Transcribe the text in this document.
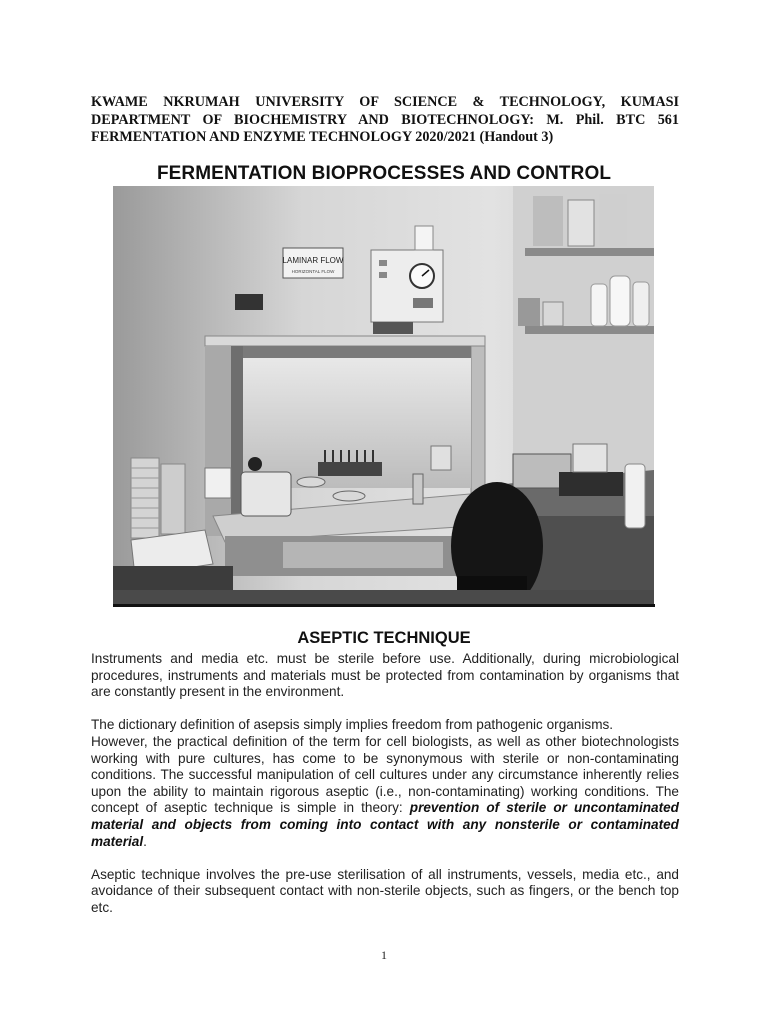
KWAME NKRUMAH UNIVERSITY OF SCIENCE & TECHNOLOGY, KUMASI
DEPARTMENT OF BIOCHEMISTRY AND BIOTECHNOLOGY: M. Phil. BTC 561
FERMENTATION AND ENZYME TECHNOLOGY 2020/2021 (Handout 3)
FERMENTATION BIOPROCESSES AND CONTROL
LAMINAR FLOW
HORIZONTAL FLOW
ASEPTIC TECHNIQUE

Instruments and media etc. must be sterile before use. Additionally, during microbiological procedures, instruments and materials must be protected from contamination by organisms that are constantly present in the environment.

The dictionary definition of asepsis simply implies freedom from pathogenic organisms.

However, the practical definition of the term for cell biologists, as well as other biotechnologists working with pure cultures, has come to be synonymous with sterile or non-contaminating conditions. The successful manipulation of cell cultures under any circumstance inherently relies upon the ability to maintain rigorous aseptic (i.e., non-contaminating) working conditions. The concept of aseptic technique is simple in theory: prevention of sterile or uncontaminated material and objects from coming into contact with any nonsterile or contaminated material.

Aseptic technique involves the pre-use sterilisation of all instruments, vessels, media etc., and avoidance of their subsequent contact with non-sterile objects, such as fingers, or the bench top etc.

1
